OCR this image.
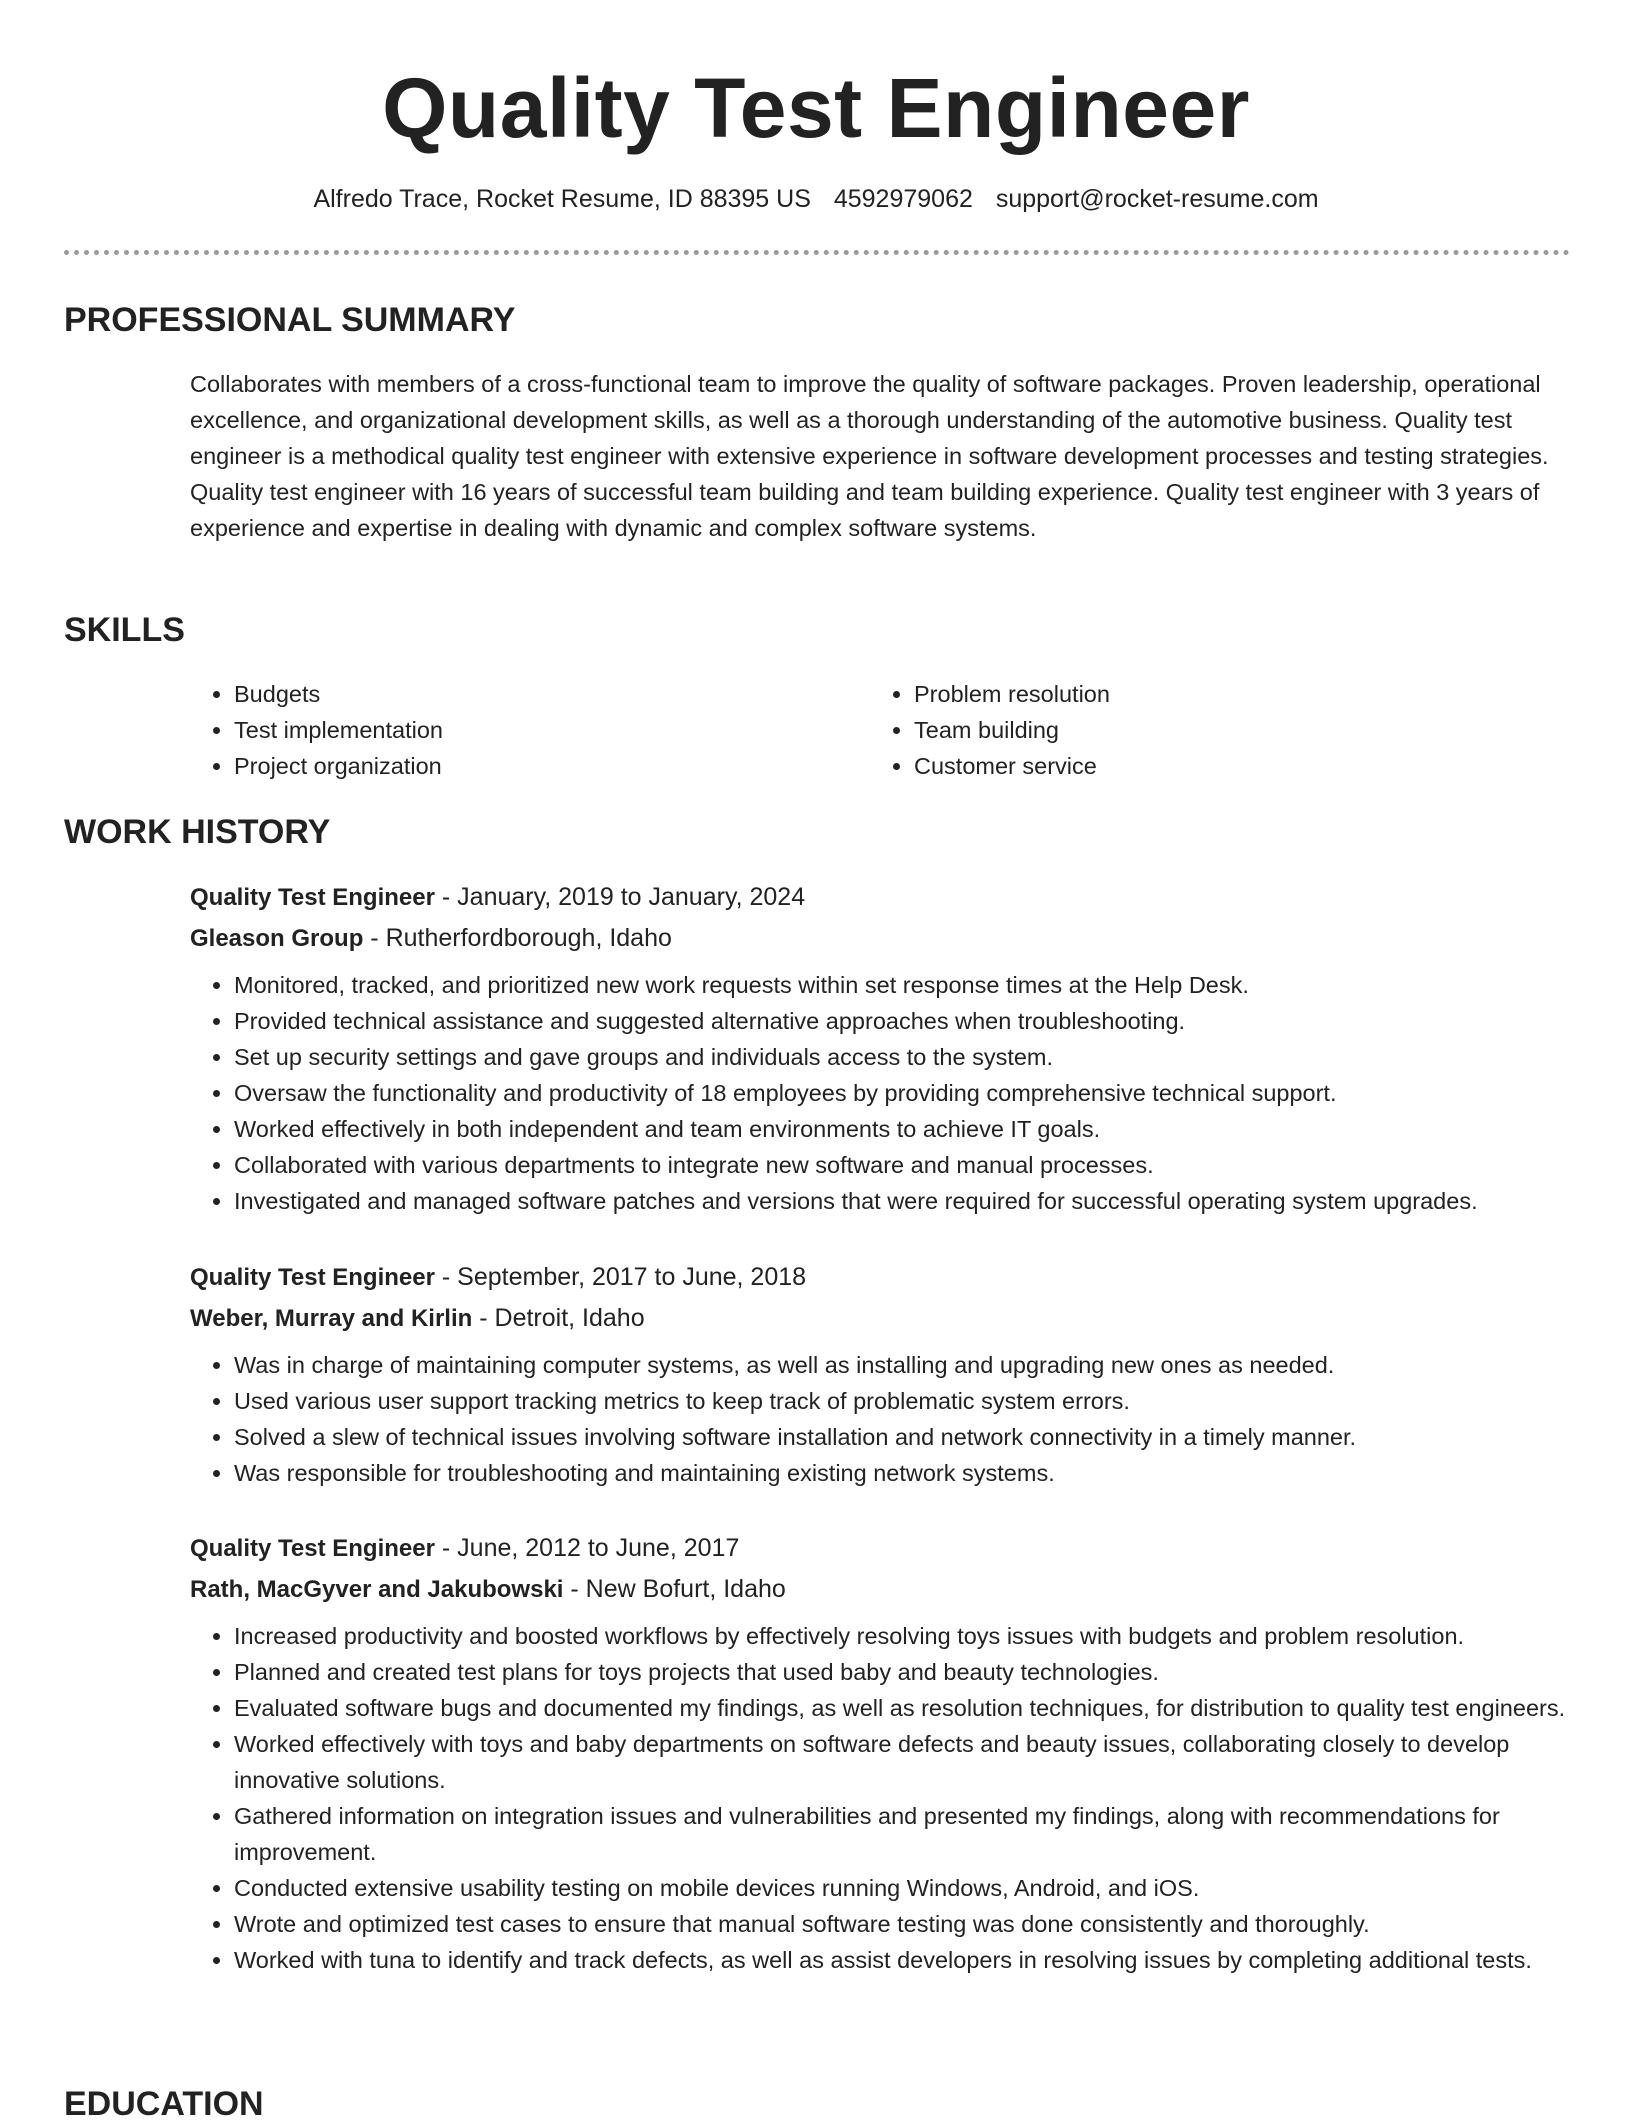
Quality Test Engineer
Alfredo Trace, Rocket Resume, ID 88395 US 4592979062 support@rocket-resume.com
PROFESSIONAL SUMMARY

Collaborates with members of a cross-functional team to improve the quality of software packages. Proven leadership, operational excellence, and organizational development skills, as well as a thorough understanding of the automotive business. Quality test engineer is a methodical quality test engineer with extensive experience in software development processes and testing strategies. Quality test engineer with 16 years of successful team building and team building experience. Quality test engineer with 3 years of experience and expertise in dealing with dynamic and complex software systems.

SKILLS
• Budgets
• Test implementation
• Project organization
• Problem resolution
• Team building
• Customer service
WORK HISTORY
Quality Test Engineer - January, 2019 to January, 2024
Gleason Group - Rutherfordborough, Idaho
• Monitored, tracked, and prioritized new work requests within set response times at the Help Desk.
• Provided technical assistance and suggested alternative approaches when troubleshooting.
• Set up security settings and gave groups and individuals access to the system.
• Oversaw the functionality and productivity of 18 employees by providing comprehensive technical support.
• Worked effectively in both independent and team environments to achieve IT goals.
• Collaborated with various departments to integrate new software and manual processes.
• Investigated and managed software patches and versions that were required for successful operating system upgrades.
Quality Test Engineer - September, 2017 to June, 2018
Weber, Murray and Kirlin - Detroit, Idaho
• Was in charge of maintaining computer systems, as well as installing and upgrading new ones as needed.
• Used various user support tracking metrics to keep track of problematic system errors.
• Solved a slew of technical issues involving software installation and network connectivity in a timely manner.
• Was responsible for troubleshooting and maintaining existing network systems.
Quality Test Engineer - June, 2012 to June, 2017
Rath, MacGyver and Jakubowski - New Bofurt, Idaho
• Increased productivity and boosted workflows by effectively resolving toys issues with budgets and problem resolution.
• Planned and created test plans for toys projects that used baby and beauty technologies.
• Evaluated software bugs and documented my findings, as well as resolution techniques, for distribution to quality test engineers.
• Worked effectively with toys and baby departments on software defects and beauty issues, collaborating closely to develop innovative solutions.
• Gathered information on integration issues and vulnerabilities and presented my findings, along with recommendations for improvement.
• Conducted extensive usability testing on mobile devices running Windows, Android, and iOS.
• Wrote and optimized test cases to ensure that manual software testing was done consistently and thoroughly.
• Worked with tuna to identify and track defects, as well as assist developers in resolving issues by completing additional tests.
EDUCATION
